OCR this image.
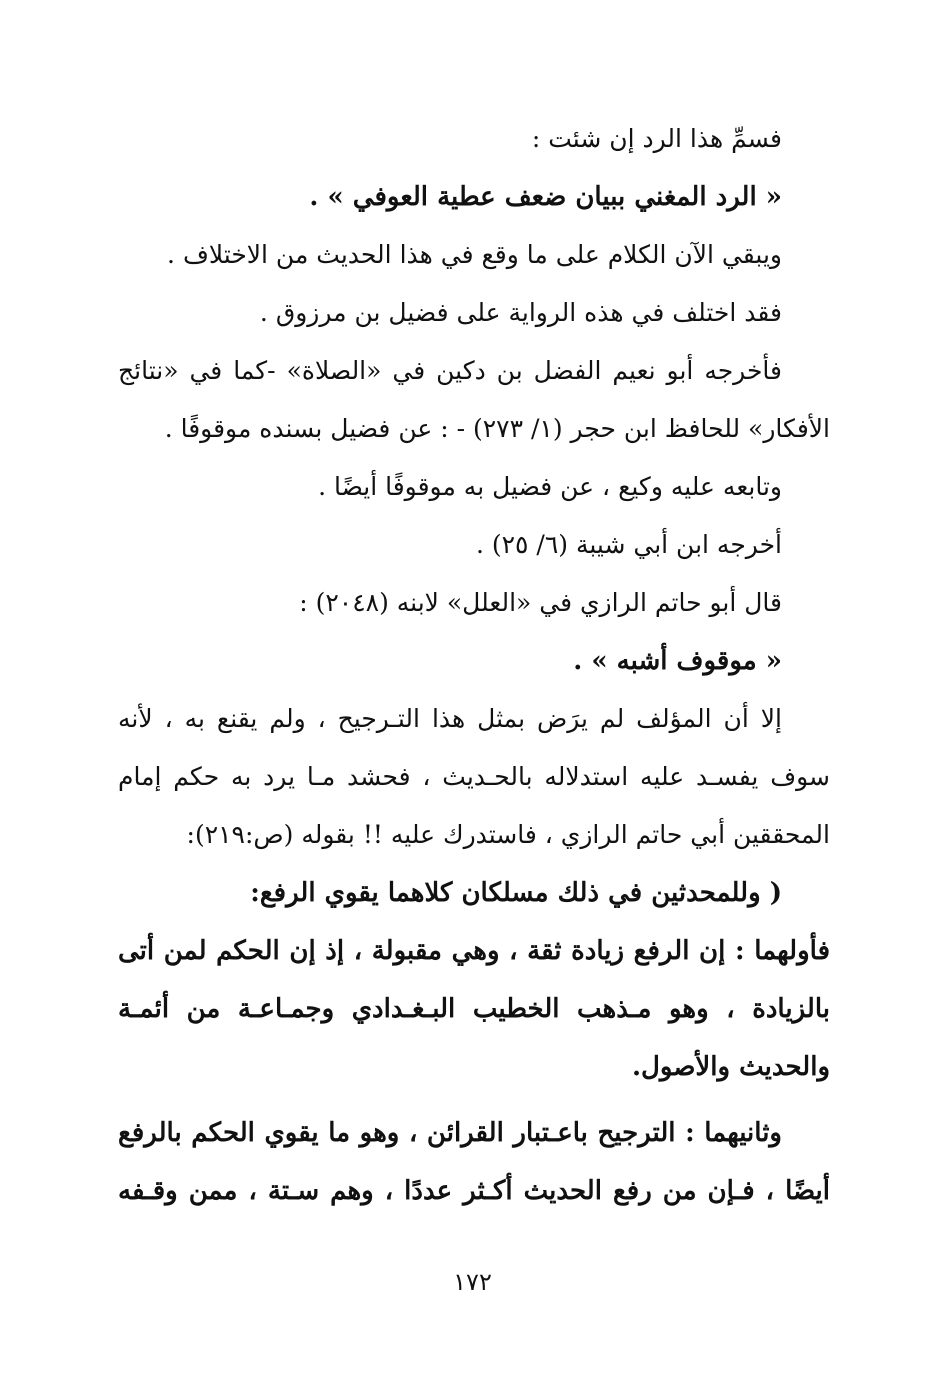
فسمِّ هذا الرد إن شئت :
« الرد المغني ببيان ضعف عطية العوفي » .
ويبقي الآن الكلام على ما وقع في هذا الحديث من الاختلاف .
فقد اختلف في هذه الرواية على فضيل بن مرزوق .
فأخرجه أبو نعيم الفضل بن دكين في «الصلاة» -كما في «نتائج
الأفكار» للحافظ ابن حجر (١/ ٢٧٣) - : عن فضيل بسنده موقوفًا .
وتابعه عليه وكيع ، عن فضيل به موقوفًا أيضًا .
أخرجه ابن أبي شيبة (٦/ ٢٥) .
قال أبو حاتم الرازي في «العلل» لابنه (٢٠٤٨) :
« موقوف أشبه » .
إلا أن المؤلف لم يرَض بمثل هذا التـرجيح ، ولم يقنع به ، لأنه
سوف يفسـد عليه استدلاله بالحـديث ، فحشد مـا يرد به حكم إمام
المحققين أبي حاتم الرازي ، فاستدرك عليه !! بقوله (ص:٢١٩):
( وللمحدثين في ذلك مسلكان كلاهما يقوي الرفع:
فأولهما : إن الرفع زيادة ثقة ، وهي مقبولة ، إذ إن الحكم لمن أتى
بالزيادة ، وهو مـذهب الخطيب البـغـدادي وجمـاعـة من أئمـة
والحديث والأصول.
وثانيهما : الترجيح باعـتبار القرائن ، وهو ما يقوي الحكم بالرفع
أيضًا ، فـإن من رفع الحديث أكـثر عددًا ، وهم سـتة ، ممن وقـفه
١٧٢
